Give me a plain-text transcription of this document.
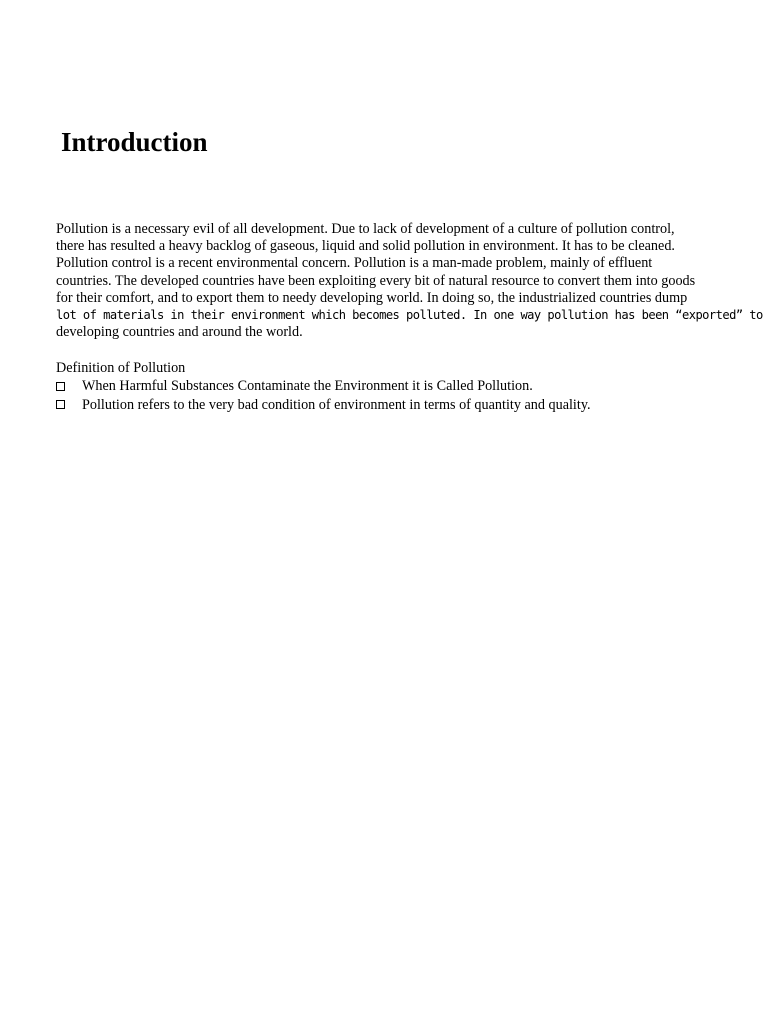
Introduction

Pollution is a necessary evil of all development. Due to lack of development of a culture of pollution control,
there has resulted a heavy backlog of gaseous, liquid and solid pollution in environment. It has to be cleaned.
Pollution control is a recent environmental concern. Pollution is a man-made problem, mainly of effluent
countries. The developed countries have been exploiting every bit of natural resource to convert them into goods
for their comfort, and to export them to needy developing world. In doing so, the industrialized countries dump
lot of materials in their environment which becomes polluted. In one way pollution has been “exported” to
developing countries and around the world.

Definition of Pollution

When Harmful Substances Contaminate the Environment it is Called Pollution.
Pollution refers to the very bad condition of environment in terms of quantity and quality.
